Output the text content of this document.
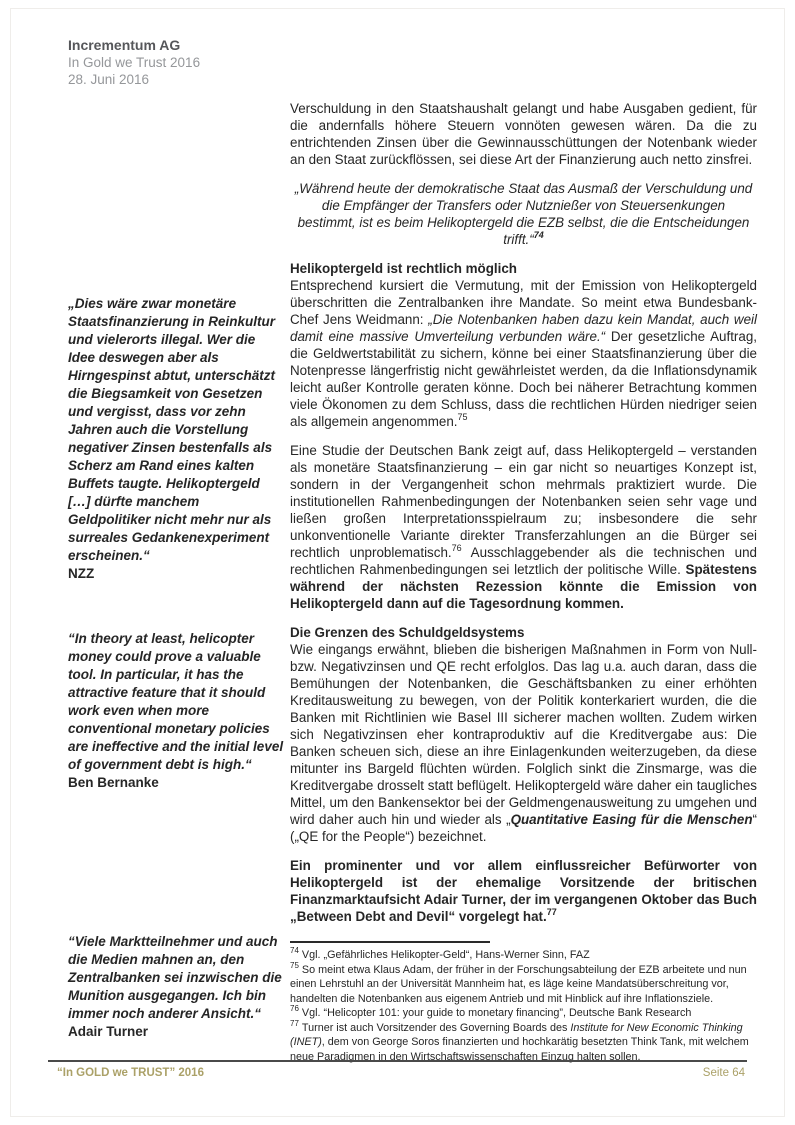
Incrementum AG
In Gold we Trust 2016
28. Juni 2016
„Dies wäre zwar monetäre Staatsfinanzierung in Reinkultur und vielerorts illegal. Wer die Idee deswegen aber als Hirngespinst abtut, unterschätzt die Biegsamkeit von Gesetzen und vergisst, dass vor zehn Jahren auch die Vorstellung negativer Zinsen bestenfalls als Scherz am Rand eines kalten Buffets taugte. Helikoptergeld […] dürfte manchem Geldpolitiker nicht mehr nur als surreales Gedankenexperiment erscheinen.“
NZZ
“In theory at least, helicopter money could prove a valuable tool. In particular, it has the attractive feature that it should work even when more conventional monetary policies are ineffective and the initial level of government debt is high.“
Ben Bernanke
“Viele Marktteilnehmer und auch die Medien mahnen an, den Zentralbanken sei inzwischen die Munition ausgegangen. Ich bin immer noch anderer Ansicht.“
Adair Turner
Verschuldung in den Staatshaushalt gelangt und habe Ausgaben gedient, für die andernfalls höhere Steuern vonnöten gewesen wären. Da die zu entrichtenden Zinsen über die Gewinnausschüttungen der Notenbank wieder an den Staat zurückflössen, sei diese Art der Finanzierung auch netto zinsfrei.
„Während heute der demokratische Staat das Ausmaß der Verschuldung und die Empfänger der Transfers oder Nutznießer von Steuersenkungen bestimmt, ist es beim Helikoptergeld die EZB selbst, die die Entscheidungen trifft.“$^{74}$
Helikoptergeld ist rechtlich möglich
Entsprechend kursiert die Vermutung, mit der Emission von Helikoptergeld überschritten die Zentralbanken ihre Mandate. So meint etwa Bundesbank-Chef Jens Weidmann: „Die Notenbanken haben dazu kein Mandat, auch weil damit eine massive Umverteilung verbunden wäre.“ Der gesetzliche Auftrag, die Geldwertstabilität zu sichern, könne bei einer Staatsfinanzierung über die Notenpresse längerfristig nicht gewährleistet werden, da die Inflationsdynamik leicht außer Kontrolle geraten könne. Doch bei näherer Betrachtung kommen viele Ökonomen zu dem Schluss, dass die rechtlichen Hürden niedriger seien als allgemein angenommen.$^{75}$
Eine Studie der Deutschen Bank zeigt auf, dass Helikoptergeld – verstanden als monetäre Staatsfinanzierung – ein gar nicht so neuartiges Konzept ist, sondern in der Vergangenheit schon mehrmals praktiziert wurde. Die institutionellen Rahmenbedingungen der Notenbanken seien sehr vage und ließen großen Interpretationsspielraum zu; insbesondere die sehr unkonventionelle Variante direkter Transferzahlungen an die Bürger sei rechtlich unproblematisch.$^{76}$ Ausschlaggebender als die technischen und rechtlichen Rahmenbedingungen sei letztlich der politische Wille. Spätestens während der nächsten Rezession könnte die Emission von Helikoptergeld dann auf die Tagesordnung kommen.
Die Grenzen des Schuldgeldsystems
Wie eingangs erwähnt, blieben die bisherigen Maßnahmen in Form von Null- bzw. Negativzinsen und QE recht erfolglos. Das lag u.a. auch daran, dass die Bemühungen der Notenbanken, die Geschäftsbanken zu einer erhöhten Kreditausweitung zu bewegen, von der Politik konterkariert wurden, die die Banken mit Richtlinien wie Basel III sicherer machen wollten. Zudem wirken sich Negativzinsen eher kontraproduktiv auf die Kreditvergabe aus: Die Banken scheuen sich, diese an ihre Einlagenkunden weiterzugeben, da diese mitunter ins Bargeld flüchten würden. Folglich sinkt die Zinsmarge, was die Kreditvergabe drosselt statt beflügelt. Helikoptergeld wäre daher ein taugliches Mittel, um den Bankensektor bei der Geldmengenausweitung zu umgehen und wird daher auch hin und wieder als „Quantitative Easing für die Menschen“ („QE for the People“) bezeichnet.
Ein prominenter und vor allem einflussreicher Befürworter von Helikoptergeld ist der ehemalige Vorsitzende der britischen Finanzmarktaufsicht Adair Turner, der im vergangenen Oktober das Buch „Between Debt and Devil“ vorgelegt hat.$^{77}$
$^{74}$ Vgl. „Gefährliches Helikopter-Geld“, Hans-Werner Sinn, FAZ
$^{75}$ So meint etwa Klaus Adam, der früher in der Forschungsabteilung der EZB arbeitete und nun einen Lehrstuhl an der Universität Mannheim hat, es läge keine Mandatsüberschreitung vor, handelten die Notenbanken aus eigenem Antrieb und mit Hinblick auf ihre Inflationsziele.
$^{76}$ Vgl. “Helicopter 101: your guide to monetary financing”, Deutsche Bank Research
$^{77}$ Turner ist auch Vorsitzender des Governing Boards des Institute for New Economic Thinking (INET), dem von George Soros finanzierten und hochkarätig besetzten Think Tank, mit welchem neue Paradigmen in den Wirtschaftswissenschaften Einzug halten sollen.
“In GOLD we TRUST” 2016	Seite 64
